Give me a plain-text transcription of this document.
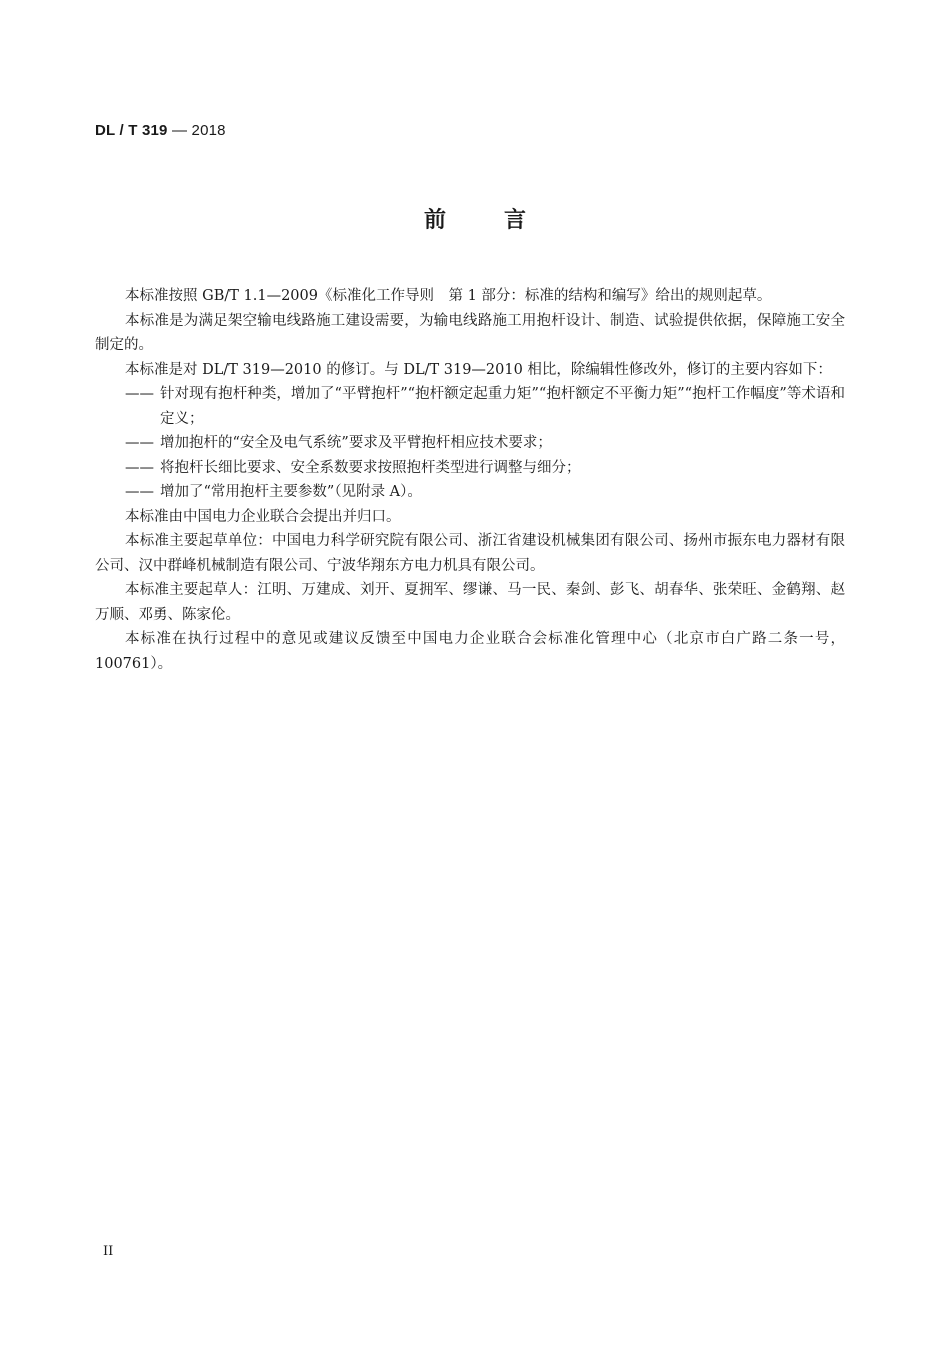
DL / T 319 — 2018
前言

本标准按照 GB/T 1.1—2009《标准化工作导则　第 1 部分：标准的结构和编写》给出的规则起草。

本标准是为满足架空输电线路施工建设需要，为输电线路施工用抱杆设计、制造、试验提供依据，保障施工安全制定的。

本标准是对 DL/T 319—2010 的修订。与 DL/T 319—2010 相比，除编辑性修改外，修订的主要内容如下：

—— 针对现有抱杆种类，增加了“平臂抱杆”“抱杆额定起重力矩”“抱杆额定不平衡力矩”“抱杆工作幅度”等术语和定义；

—— 增加抱杆的“安全及电气系统”要求及平臂抱杆相应技术要求；

—— 将抱杆长细比要求、安全系数要求按照抱杆类型进行调整与细分；

—— 增加了“常用抱杆主要参数”（见附录 A）。

本标准由中国电力企业联合会提出并归口。

本标准主要起草单位：中国电力科学研究院有限公司、浙江省建设机械集团有限公司、扬州市振东电力器材有限公司、汉中群峰机械制造有限公司、宁波华翔东方电力机具有限公司。

本标准主要起草人：江明、万建成、刘开、夏拥军、缪谦、马一民、秦剑、彭飞、胡春华、张荣旺、金鹤翔、赵万顺、邓勇、陈家伦。

本标准在执行过程中的意见或建议反馈至中国电力企业联合会标准化管理中心（北京市白广路二条一号，100761）。

II
